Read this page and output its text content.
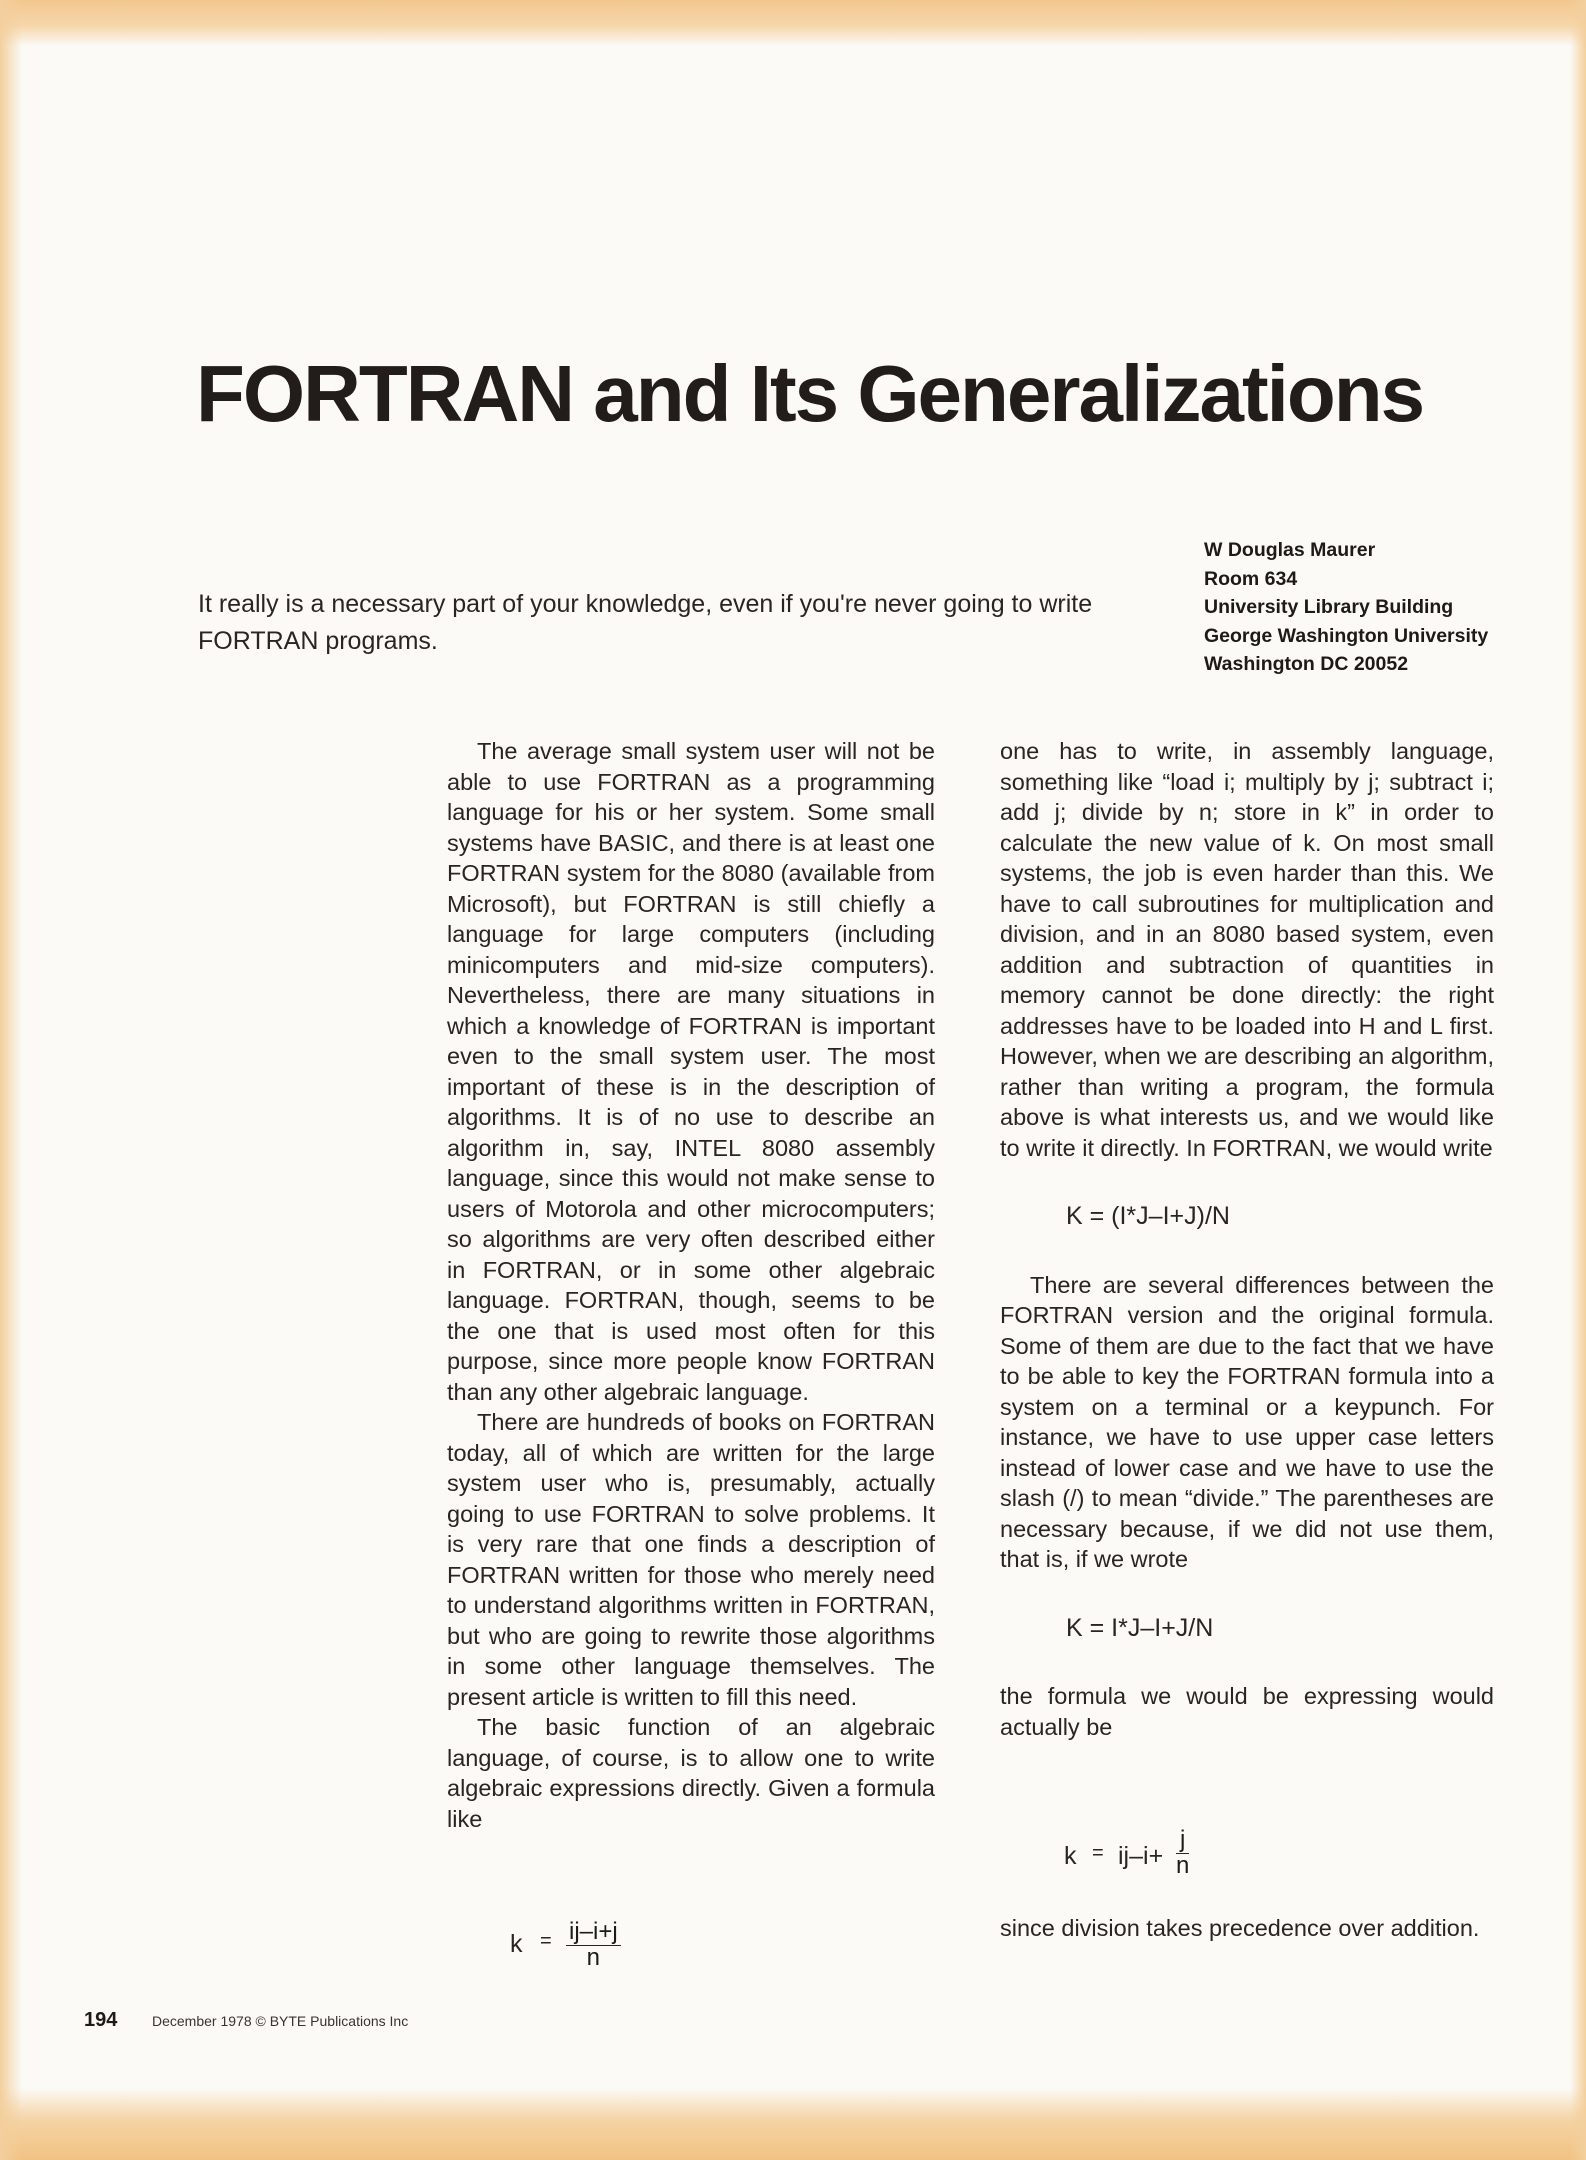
FORTRAN and Its Generalizations

It really is a necessary part of your knowledge, even if you're never going to write FORTRAN programs.

W Douglas Maurer
Room 634
University Library Building
George Washington University
Washington DC 20052

The average small system user will not be able to use FORTRAN as a programming language for his or her system. Some small systems have BASIC, and there is at least one FORTRAN system for the 8080 (available from Microsoft), but FORTRAN is still chiefly a language for large computers (including minicomputers and mid-size computers). Nevertheless, there are many situations in which a knowledge of FORTRAN is important even to the small system user. The most important of these is in the description of algorithms. It is of no use to describe an algorithm in, say, INTEL 8080 assembly language, since this would not make sense to users of Motorola and other microcomputers; so algorithms are very often described either in FORTRAN, or in some other algebraic language. FORTRAN, though, seems to be the one that is used most often for this purpose, since more people know FORTRAN than any other algebraic language.

There are hundreds of books on FORTRAN today, all of which are written for the large system user who is, presumably, actually going to use FORTRAN to solve problems. It is very rare that one finds a description of FORTRAN written for those who merely need to understand algorithms written in FORTRAN, but who are going to rewrite those algorithms in some other language themselves. The present article is written to fill this need.

The basic function of an algebraic language, of course, is to allow one to write algebraic expressions directly. Given a formula like

$k = \frac{ij-i+j}{n}$

one has to write, in assembly language, something like “load i; multiply by j; subtract i; add j; divide by n; store in k” in order to calculate the new value of k. On most small systems, the job is even harder than this. We have to call subroutines for multiplication and division, and in an 8080 based system, even addition and subtraction of quantities in memory cannot be done directly: the right addresses have to be loaded into H and L first. However, when we are describing an algorithm, rather than writing a program, the formula above is what interests us, and we would like to write it directly. In FORTRAN, we would write

K = (I*J–I+J)/N

There are several differences between the FORTRAN version and the original formula. Some of them are due to the fact that we have to be able to key the FORTRAN formula into a system on a terminal or a keypunch. For instance, we have to use upper case letters instead of lower case and we have to use the slash (/) to mean “divide.” The parentheses are necessary because, if we did not use them, that is, if we wrote

K = I*J–I+J/N

the formula we would be expressing would actually be

$k = ij-i+ \frac{j}{n}$

since division takes precedence over addition.

194 December 1978 © BYTE Publications Inc
